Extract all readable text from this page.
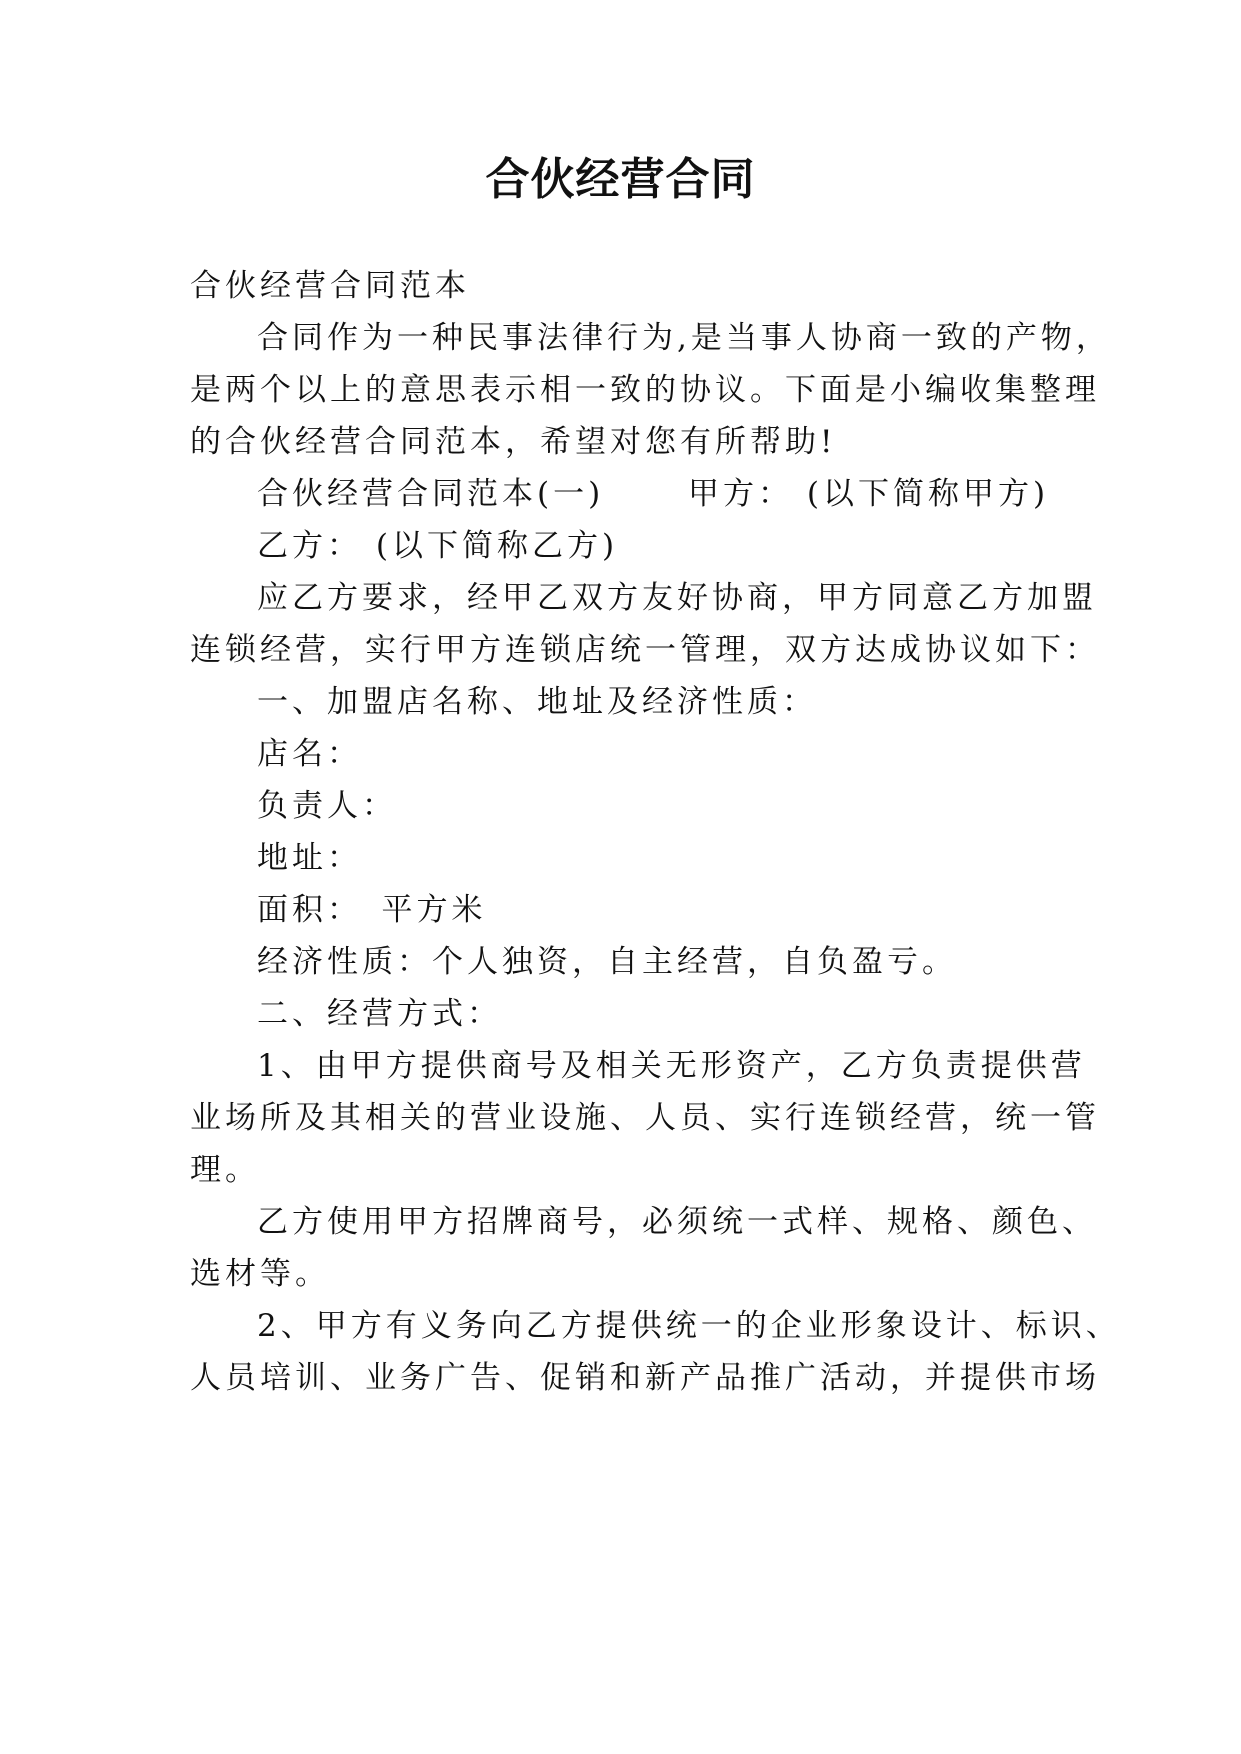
合伙经营合同
合伙经营合同范本
合同作为一种民事法律行为,是当事人协商一致的产物，
是两个以上的意思表示相一致的协议。下面是小编收集整理
的合伙经营合同范本，希望对您有所帮助!
合伙经营合同范本(一)　　 甲方： (以下简称甲方)
乙方： (以下简称乙方)
应乙方要求，经甲乙双方友好协商，甲方同意乙方加盟
连锁经营，实行甲方连锁店统一管理，双方达成协议如下：
一、加盟店名称、地址及经济性质：
店名：
负责人：
地址：
面积：　平方米
经济性质：个人独资，自主经营，自负盈亏。
二、经营方式：
1、由甲方提供商号及相关无形资产，乙方负责提供营
业场所及其相关的营业设施、人员、实行连锁经营，统一管
理。
乙方使用甲方招牌商号，必须统一式样、规格、颜色、
选材等。
2、甲方有义务向乙方提供统一的企业形象设计、标识、
人员培训、业务广告、促销和新产品推广活动，并提供市场
